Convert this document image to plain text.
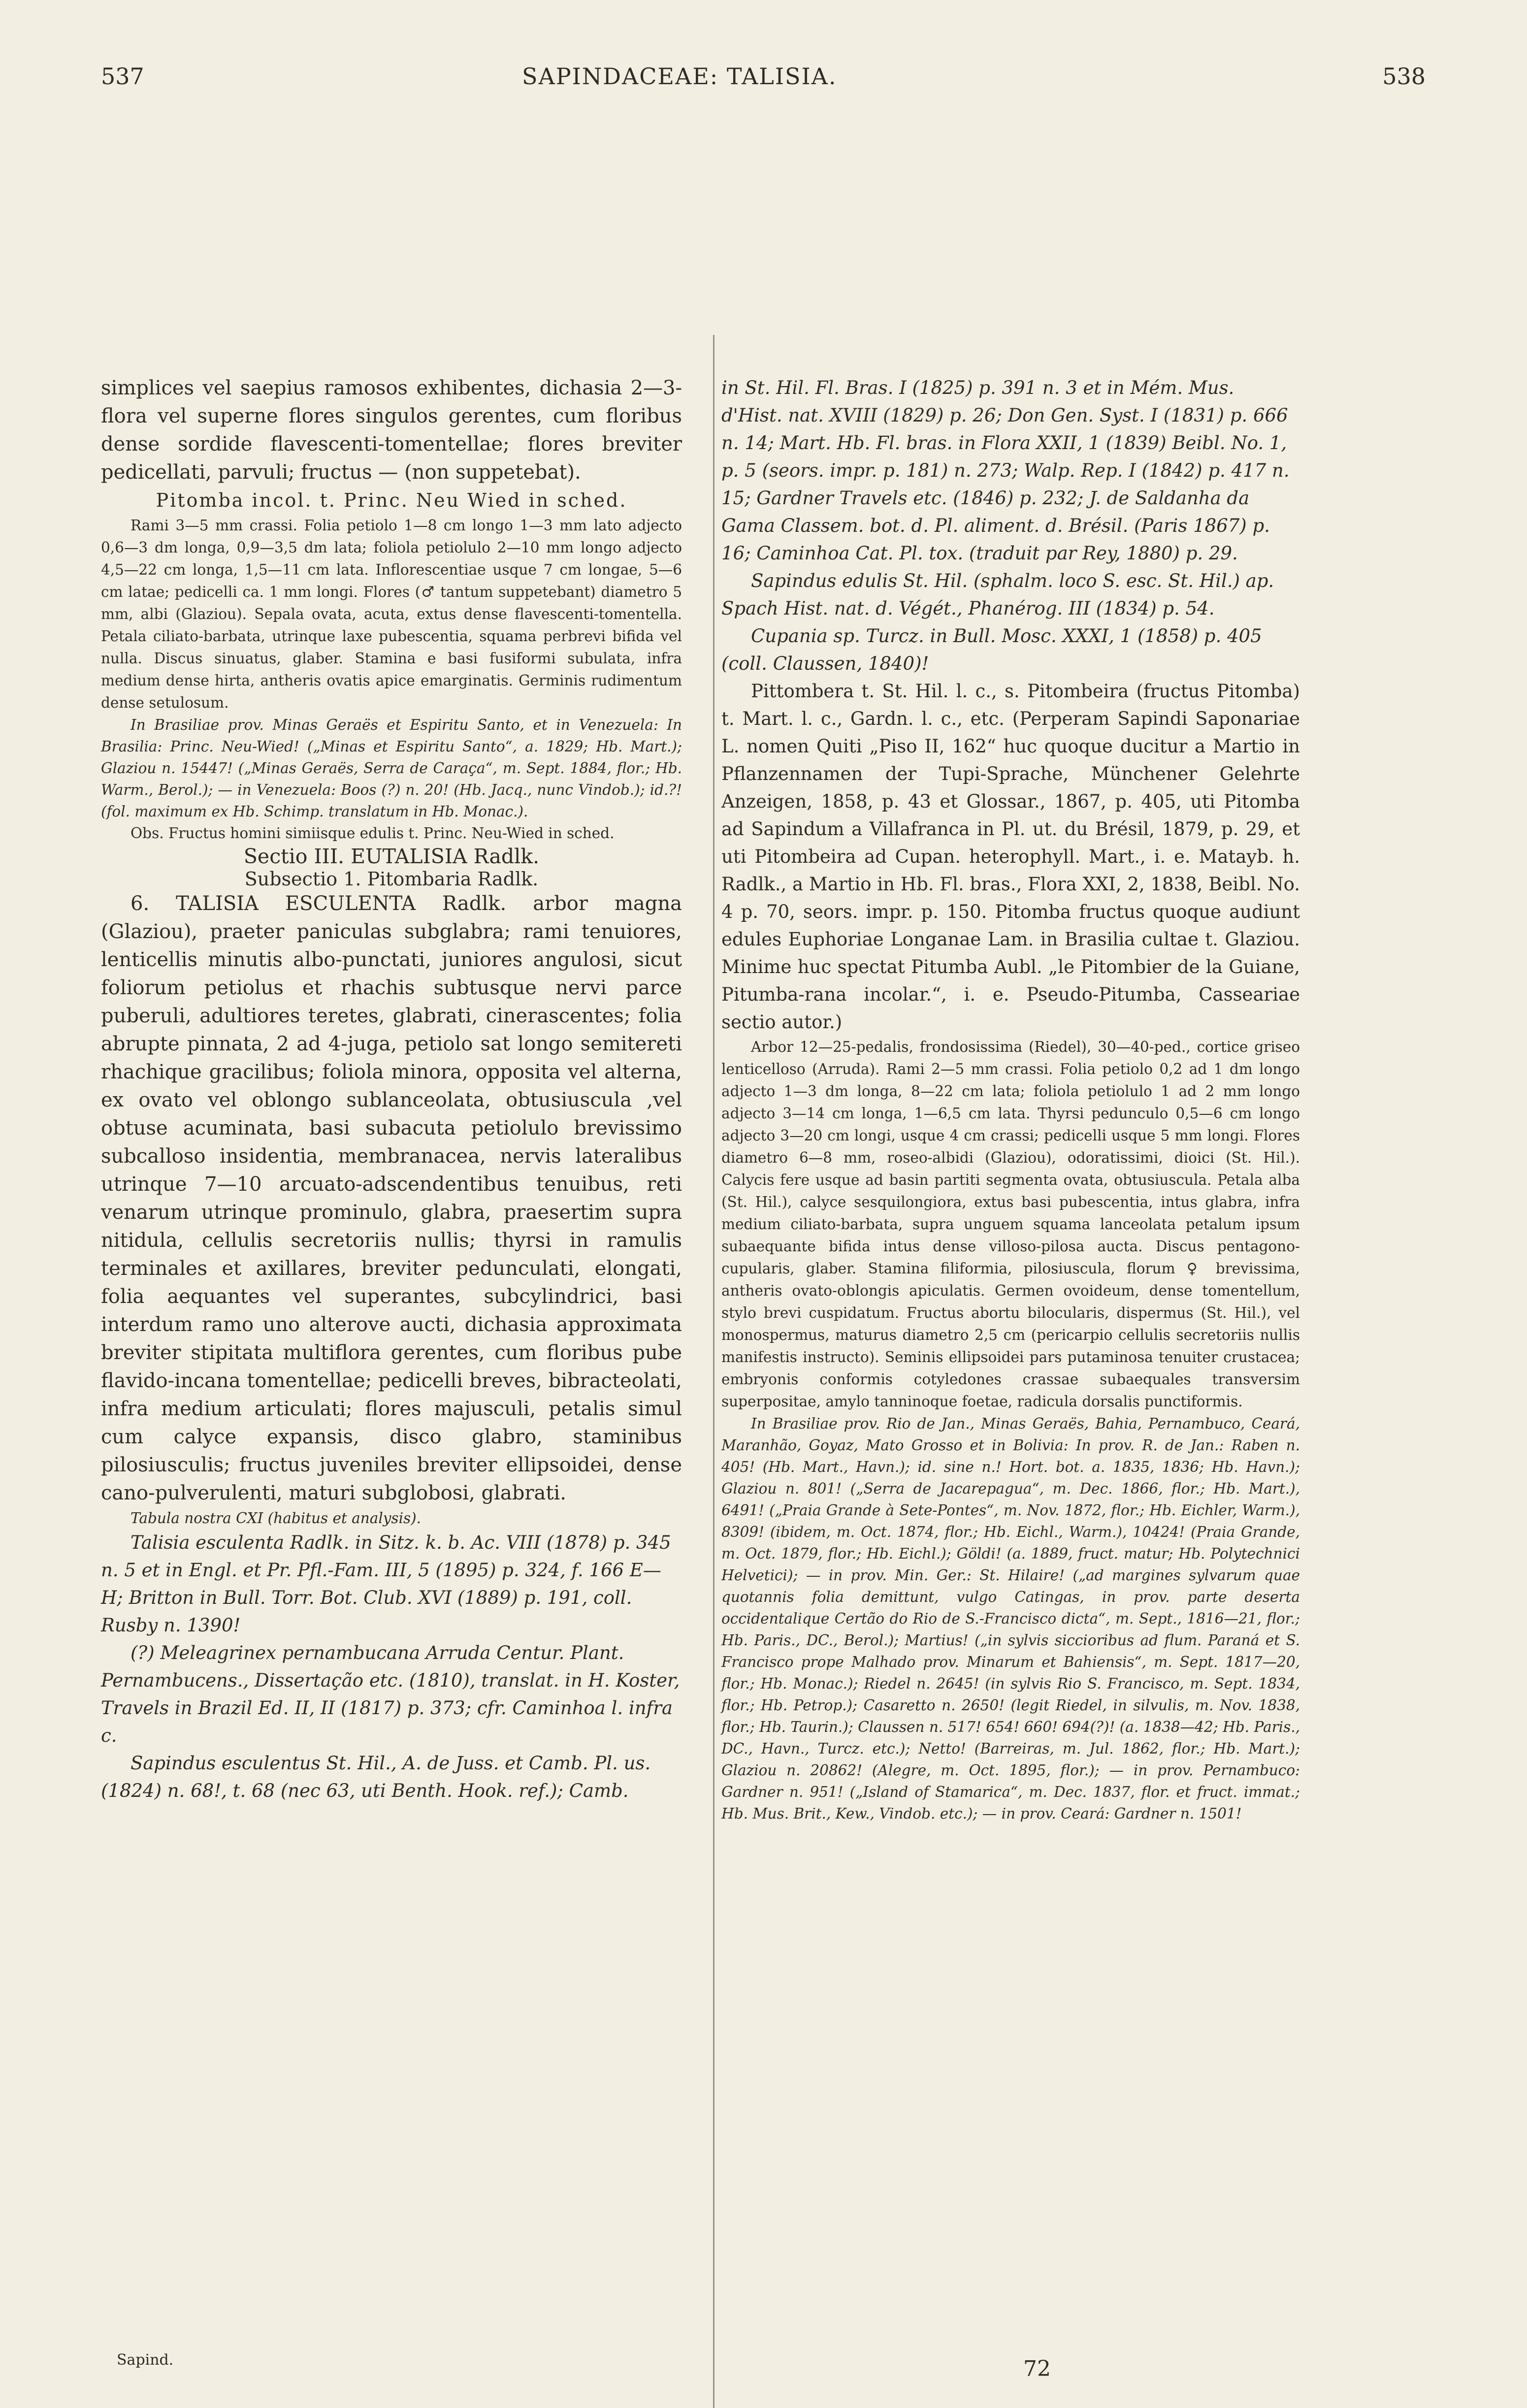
537	SAPINDACEAE: TALISIA.	538

simplices vel saepius ramosos exhibentes, dichasia 2—3-flora vel superne flores singulos gerentes, cum floribus dense sordide flavescenti-tomentellae; flores breviter pedicellati, parvuli; fructus — (non suppetebat).

Pitomba incol. t. Princ. Neu Wied in sched.

Rami 3—5 mm crassi. Folia petiolo 1—8 cm longo 1—3 mm lato adjecto 0,6—3 dm longa, 0,9—3,5 dm lata; foliola petiolulo 2—10 mm longo adjecto 4,5—22 cm longa, 1,5—11 cm lata. Inflorescentiae usque 7 cm longae, 5—6 cm latae; pedicelli ca. 1 mm longi. Flores (♂ tantum suppetebant) diametro 5 mm, albi (Glaziou). Sepala ovata, acuta, extus dense flavescenti-tomentella. Petala ciliato-barbata, utrinque laxe pubescentia, squama perbrevi bifida vel nulla. Discus sinuatus, glaber. Stamina e basi fusiformi subulata, infra medium dense hirta, antheris ovatis apice emarginatis. Germinis rudimentum dense setulosum.

In Brasiliae prov. Minas Geraës et Espiritu Santo, et in Venezuela: In Brasilia: Princ. Neu-Wied! („Minas et Espiritu Santo“, a. 1829; Hb. Mart.); Glaziou n. 15447! („Minas Geraës, Serra de Caraça“, m. Sept. 1884, flor.; Hb. Warm., Berol.); — in Venezuela: Boos (?) n. 20! (Hb. Jacq., nunc Vindob.); id.?! (fol. maximum ex Hb. Schimp. translatum in Hb. Monac.).

Obs. Fructus homini simiisque edulis t. Princ. Neu-Wied in sched.

Sectio III. EUTALISIA Radlk.

Subsectio 1. Pitombaria Radlk.

6. TALISIA ESCULENTA Radlk. arbor magna (Glaziou), praeter paniculas subglabra; rami tenuiores, lenticellis minutis albo-punctati, juniores angulosi, sicut foliorum petiolus et rhachis subtusque nervi parce puberuli, adultiores teretes, glabrati, cinerascentes; folia abrupte pinnata, 2 ad 4-juga, petiolo sat longo semitereti rhachique gracilibus; foliola minora, opposita vel alterna, ex ovato vel oblongo sublanceolata, obtusiuscula ,vel obtuse acuminata, basi subacuta petiolulo brevissimo subcalloso insidentia, membranacea, nervis lateralibus utrinque 7—10 arcuato-adscendentibus tenuibus, reti venarum utrinque prominulo, glabra, praesertim supra nitidula, cellulis secretoriis nullis; thyrsi in ramulis terminales et axillares, breviter pedunculati, elongati, folia aequantes vel superantes, subcylindrici, basi interdum ramo uno alterove aucti, dichasia approximata breviter stipitata multiflora gerentes, cum floribus pube flavido-incana tomentellae; pedicelli breves, bibracteolati, infra medium articulati; flores majusculi, petalis simul cum calyce expansis, disco glabro, staminibus pilosiusculis; fructus juveniles breviter ellipsoidei, dense cano-pulverulenti, maturi subglobosi, glabrati.

Tabula nostra CXI (habitus et analysis).

Talisia esculenta Radlk. in Sitz. k. b. Ac. VIII (1878) p. 345 n. 5 et in Engl. et Pr. Pfl.-Fam. III, 5 (1895) p. 324, f. 166 E—H; Britton in Bull. Torr. Bot. Club. XVI (1889) p. 191, coll. Rusby n. 1390!

(?) Meleagrinex pernambucana Arruda Centur. Plant. Pernambucens., Dissertação etc. (1810), translat. in H. Koster, Travels in Brazil Ed. II, II (1817) p. 373; cfr. Caminhoa l. infra c.

Sapindus esculentus St. Hil., A. de Juss. et Camb. Pl. us. (1824) n. 68!, t. 68 (nec 63, uti Benth. Hook. ref.); Camb.

in St. Hil. Fl. Bras. I (1825) p. 391 n. 3 et in Mém. Mus. d'Hist. nat. XVIII (1829) p. 26; Don Gen. Syst. I (1831) p. 666 n. 14; Mart. Hb. Fl. bras. in Flora XXII, 1 (1839) Beibl. No. 1, p. 5 (seors. impr. p. 181) n. 273; Walp. Rep. I (1842) p. 417 n. 15; Gardner Travels etc. (1846) p. 232; J. de Saldanha da Gama Classem. bot. d. Pl. aliment. d. Brésil. (Paris 1867) p. 16; Caminhoa Cat. Pl. tox. (traduit par Rey, 1880) p. 29.

Sapindus edulis St. Hil. (sphalm. loco S. esc. St. Hil.) ap. Spach Hist. nat. d. Végét., Phanérog. III (1834) p. 54.

Cupania sp. Turcz. in Bull. Mosc. XXXI, 1 (1858) p. 405 (coll. Claussen, 1840)!

Pittombera t. St. Hil. l. c., s. Pitombeira (fructus Pitomba) t. Mart. l. c., Gardn. l. c., etc. (Perperam Sapindi Saponariae L. nomen Quiti „Piso II, 162“ huc quoque ducitur a Martio in Pflanzennamen der Tupi-Sprache, Münchener Gelehrte Anzeigen, 1858, p. 43 et Glossar., 1867, p. 405, uti Pitomba ad Sapindum a Villafranca in Pl. ut. du Brésil, 1879, p. 29, et uti Pitombeira ad Cupan. heterophyll. Mart., i. e. Matayb. h. Radlk., a Martio in Hb. Fl. bras., Flora XXI, 2, 1838, Beibl. No. 4 p. 70, seors. impr. p. 150. Pitomba fructus quoque audiunt edules Euphoriae Longanae Lam. in Brasilia cultae t. Glaziou. Minime huc spectat Pitumba Aubl. „le Pitombier de la Guiane, Pitumba-rana incolar.“, i. e. Pseudo-Pitumba, Casseariae sectio autor.)

Arbor 12—25-pedalis, frondosissima (Riedel), 30—40-ped., cortice griseo lenticelloso (Arruda). Rami 2—5 mm crassi. Folia petiolo 0,2 ad 1 dm longo adjecto 1—3 dm longa, 8—22 cm lata; foliola petiolulo 1 ad 2 mm longo adjecto 3—14 cm longa, 1—6,5 cm lata. Thyrsi pedunculo 0,5—6 cm longo adjecto 3—20 cm longi, usque 4 cm crassi; pedicelli usque 5 mm longi. Flores diametro 6—8 mm, roseo-albidi (Glaziou), odoratissimi, dioici (St. Hil.). Calycis fere usque ad basin partiti segmenta ovata, obtusiuscula. Petala alba (St. Hil.), calyce sesquilongiora, extus basi pubescentia, intus glabra, infra medium ciliato-barbata, supra unguem squama lanceolata petalum ipsum subaequante bifida intus dense villoso-pilosa aucta. Discus pentagono-cupularis, glaber. Stamina filiformia, pilosiuscula, florum ♀ brevissima, antheris ovato-oblongis apiculatis. Germen ovoideum, dense tomentellum, stylo brevi cuspidatum. Fructus abortu bilocularis, dispermus (St. Hil.), vel monospermus, maturus diametro 2,5 cm (pericarpio cellulis secretoriis nullis manifestis instructo). Seminis ellipsoidei pars putaminosa tenuiter crustacea; embryonis conformis cotyledones crassae subaequales transversim superpositae, amylo tanninoque foetae, radicula dorsalis punctiformis.

In Brasiliae prov. Rio de Jan., Minas Geraës, Bahia, Pernambuco, Ceará, Maranhão, Goyaz, Mato Grosso et in Bolivia: In prov. R. de Jan.: Raben n. 405! (Hb. Mart., Havn.); id. sine n.! Hort. bot. a. 1835, 1836; Hb. Havn.); Glaziou n. 801! („Serra de Jacarepagua“, m. Dec. 1866, flor.; Hb. Mart.), 6491! („Praia Grande à Sete-Pontes“, m. Nov. 1872, flor.; Hb. Eichler, Warm.), 8309! (ibidem, m. Oct. 1874, flor.; Hb. Eichl., Warm.), 10424! (Praia Grande, m. Oct. 1879, flor.; Hb. Eichl.); Göldi! (a. 1889, fruct. matur; Hb. Polytechnici Helvetici); — in prov. Min. Ger.: St. Hilaire! („ad margines sylvarum quae quotannis folia demittunt, vulgo Catingas, in prov. parte deserta occidentalique Certão do Rio de S.-Francisco dicta“, m. Sept., 1816—21, flor.; Hb. Paris., DC., Berol.); Martius! („in sylvis siccioribus ad flum. Paraná et S. Francisco prope Malhado prov. Minarum et Bahiensis“, m. Sept. 1817—20, flor.; Hb. Monac.); Riedel n. 2645! (in sylvis Rio S. Francisco, m. Sept. 1834, flor.; Hb. Petrop.); Casaretto n. 2650! (legit Riedel, in silvulis, m. Nov. 1838, flor.; Hb. Taurin.); Claussen n. 517! 654! 660! 694(?)! (a. 1838—42; Hb. Paris., DC., Havn., Turcz. etc.); Netto! (Barreiras, m. Jul. 1862, flor.; Hb. Mart.); Glaziou n. 20862! (Alegre, m. Oct. 1895, flor.); — in prov. Pernambuco: Gardner n. 951! („Island of Stamarica“, m. Dec. 1837, flor. et fruct. immat.; Hb. Mus. Brit., Kew., Vindob. etc.); — in prov. Ceará: Gardner n. 1501!

Sapind.	72
